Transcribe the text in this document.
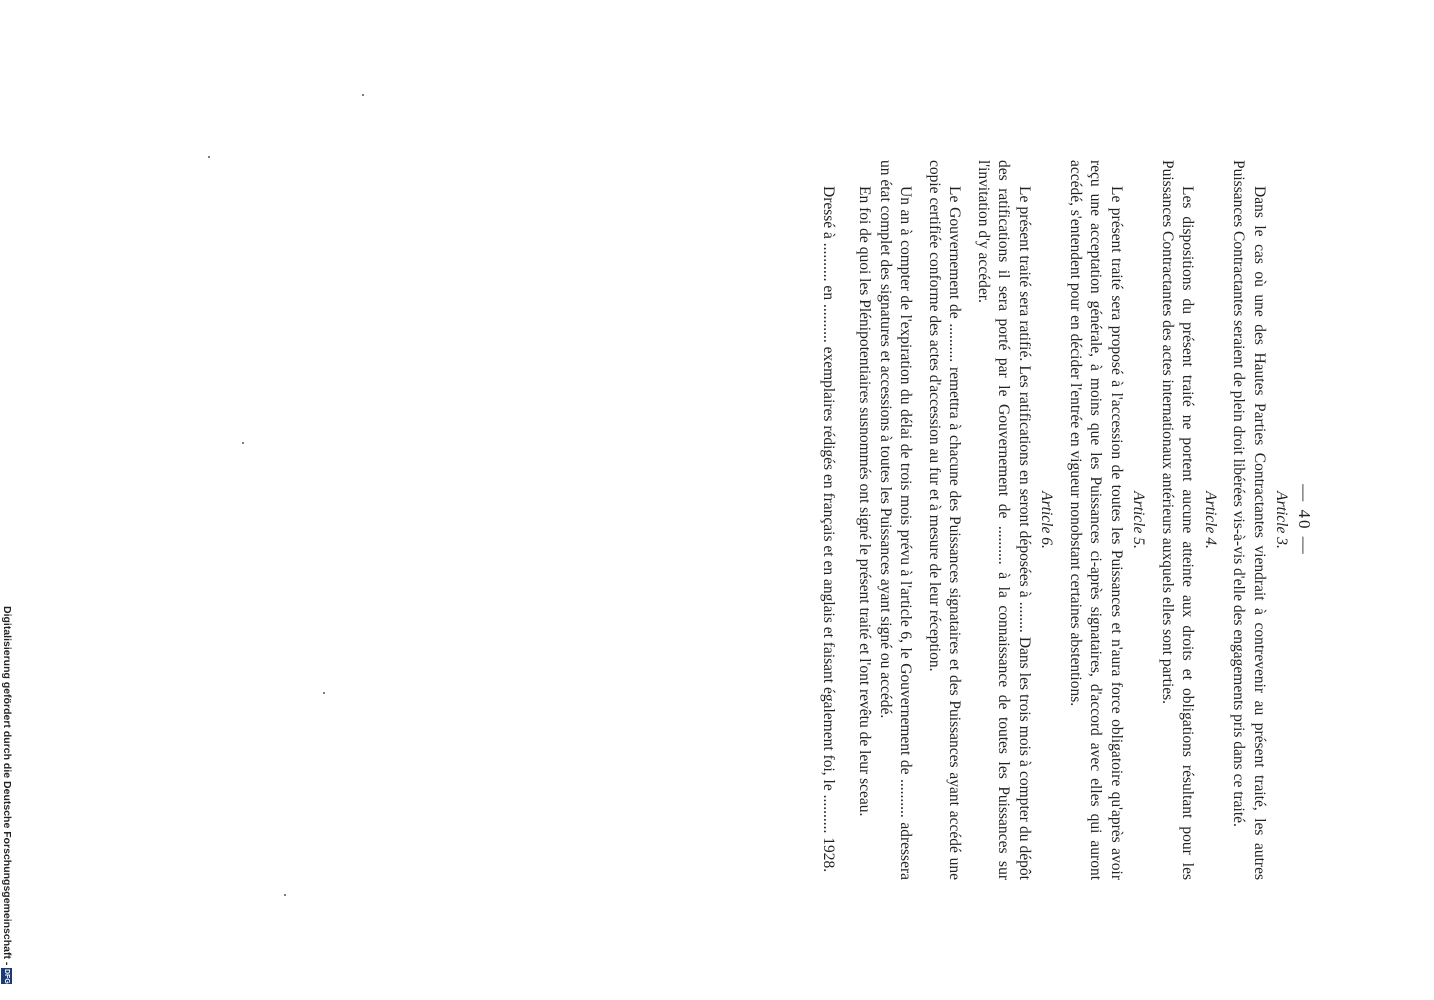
— 40 —
Article 3.
Dans le cas où une des Hautes Parties Contractantes viendrait à contrevenir au présent traité, les autres Puissances Contractantes seraient de plein droit libérées vis-à-vis d'elle des engagements pris dans ce traité.
Article 4.
Les dispositions du présent traité ne portent aucune atteinte aux droits et obligations résultant pour les Puissances Contractantes des actes internationaux antérieurs auxquels elles sont parties.
Article 5.
Le présent traité sera proposé à l'accession de toutes les Puissances et n'aura force obligatoire qu'après avoir reçu une acceptation générale, à moins que les Puissances ci-après signataires, d'accord avec elles qui auront accédé, s'entendent pour en décider l'entrée en vigueur nonobstant certaines abstentions.
Article 6.
Le présent traité sera ratifié. Les ratifications en seront déposées à ........ Dans les trois mois à compter du dépôt des ratifications il sera porté par le Gouvernement de .......... à la connaissance de toutes les Puissances sur l'invitation d'y accéder.
Le Gouvernement de .......... remettra à chacune des Puissances signataires et des Puissances ayant accédé une copie certifiée conforme des actes d'accession au fur et à mesure de leur réception.
Un an à compter de l'expiration du délai de trois mois prévu à l'article 6, le Gouvernement de .......... adressera un état complet des signatures et accessions à toutes les Puissances ayant signé ou accédé.
En foi de quoi les Plénipotentiaires susnommés ont signé le présent traité et l'ont revêtu de leur sceau.
Dressé à .......... en .......... exemplaires rédigés en français et en anglais et faisant également foi, le .......... 1928.
Digitalisierung gefördert durch die Deutsche Forschungsgemeinschaft -
DFG
